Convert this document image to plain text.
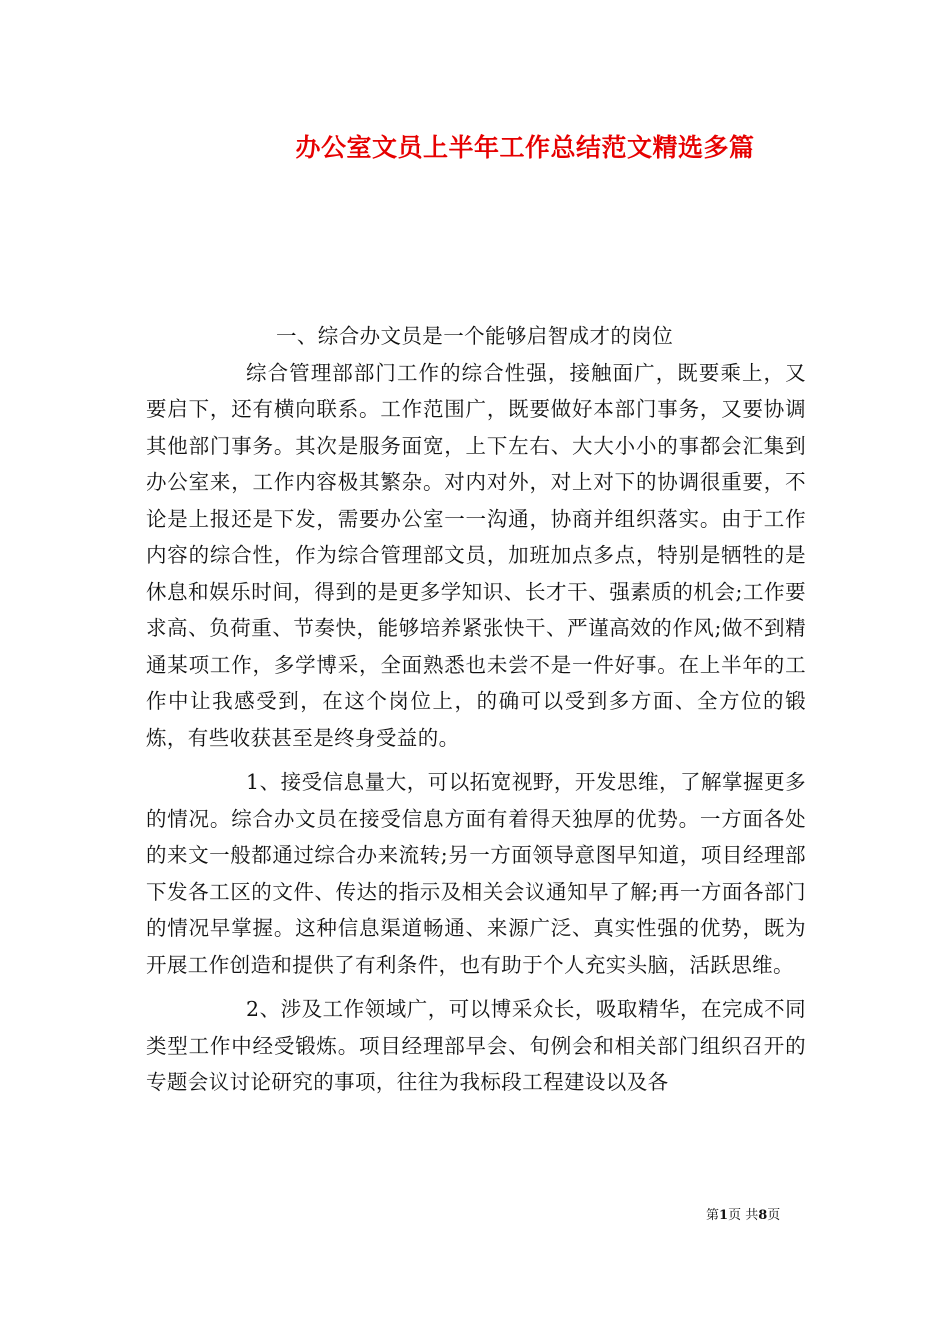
办公室文员上半年工作总结范文精选多篇

一、综合办文员是一个能够启智成才的岗位

综合管理部部门工作的综合性强，接触面广，既要乘上，又要启下，还有横向联系。工作范围广，既要做好本部门事务，又要协调其他部门事务。其次是服务面宽，上下左右、大大小小的事都会汇集到办公室来，工作内容极其繁杂。对内对外，对上对下的协调很重要，不论是上报还是下发，需要办公室一一沟通，协商并组织落实。由于工作内容的综合性，作为综合管理部文员，加班加点多点，特别是牺牲的是休息和娱乐时间，得到的是更多学知识、长才干、强素质的机会;工作要求高、负荷重、节奏快，能够培养紧张快干、严谨高效的作风;做不到精通某项工作，多学博采，全面熟悉也未尝不是一件好事。在上半年的工作中让我感受到，在这个岗位上，的确可以受到多方面、全方位的锻炼，有些收获甚至是终身受益的。

1、接受信息量大，可以拓宽视野，开发思维，了解掌握更多的情况。综合办文员在接受信息方面有着得天独厚的优势。一方面各处的来文一般都通过综合办来流转;另一方面领导意图早知道，项目经理部下发各工区的文件、传达的指示及相关会议通知早了解;再一方面各部门的情况早掌握。这种信息渠道畅通、来源广泛、真实性强的优势，既为开展工作创造和提供了有利条件，也有助于个人充实头脑，活跃思维。

2、涉及工作领域广，可以博采众长，吸取精华，在完成不同类型工作中经受锻炼。项目经理部早会、旬例会和相关部门组织召开的专题会议讨论研究的事项，往往为我标段工程建设以及各

第1页 共8页
